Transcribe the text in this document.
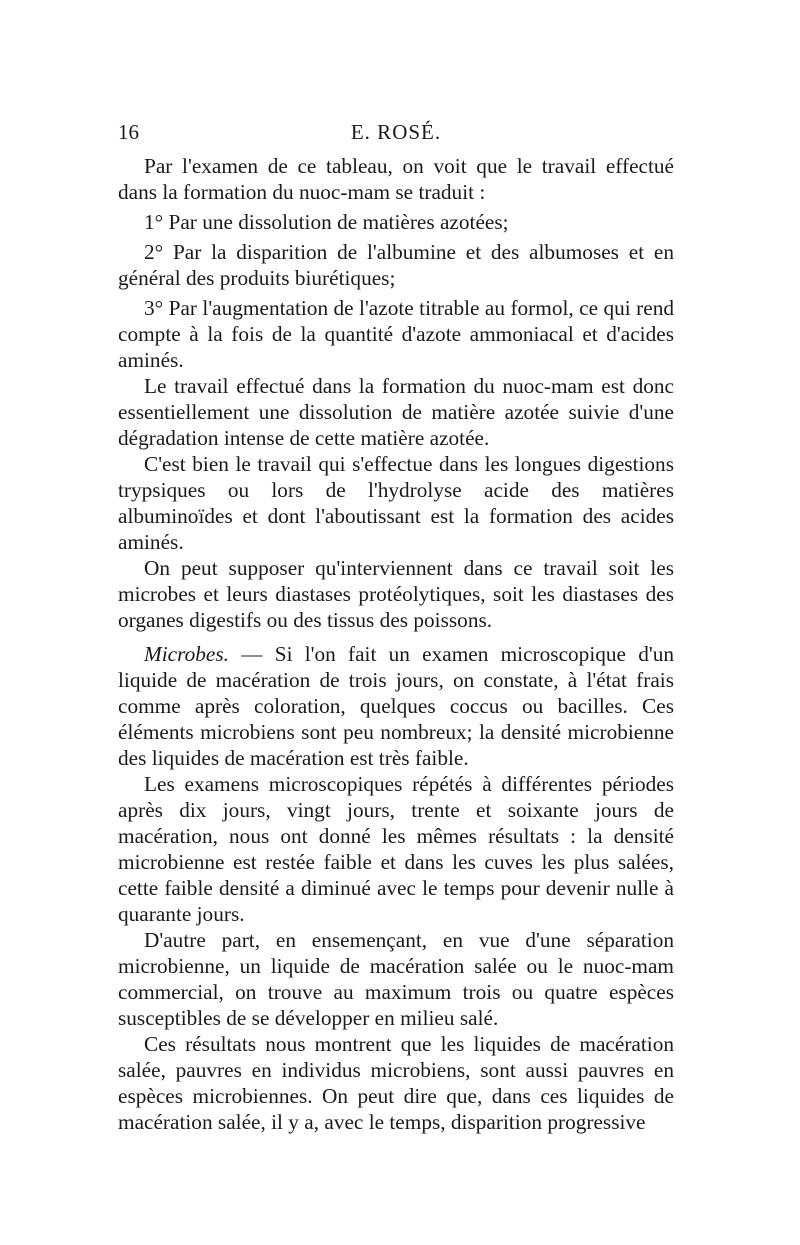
16	E. ROSÉ.

Par l'examen de ce tableau, on voit que le travail effectué dans la formation du nuoc-mam se traduit :

1° Par une dissolution de matières azotées;

2° Par la disparition de l'albumine et des albumoses et en général des produits biurétiques;

3° Par l'augmentation de l'azote titrable au formol, ce qui rend compte à la fois de la quantité d'azote ammoniacal et d'acides aminés.

Le travail effectué dans la formation du nuoc-mam est donc essentiellement une dissolution de matière azotée suivie d'une dégradation intense de cette matière azotée.

C'est bien le travail qui s'effectue dans les longues digestions trypsiques ou lors de l'hydrolyse acide des matières albuminoïdes et dont l'aboutissant est la formation des acides aminés.

On peut supposer qu'interviennent dans ce travail soit les microbes et leurs diastases protéolytiques, soit les diastases des organes digestifs ou des tissus des poissons.

Microbes. — Si l'on fait un examen microscopique d'un liquide de macération de trois jours, on constate, à l'état frais comme après coloration, quelques coccus ou bacilles. Ces éléments microbiens sont peu nombreux; la densité microbienne des liquides de macération est très faible.

Les examens microscopiques répétés à différentes périodes après dix jours, vingt jours, trente et soixante jours de macération, nous ont donné les mêmes résultats : la densité microbienne est restée faible et dans les cuves les plus salées, cette faible densité a diminué avec le temps pour devenir nulle à quarante jours.

D'autre part, en ensemençant, en vue d'une séparation microbienne, un liquide de macération salée ou le nuoc-mam commercial, on trouve au maximum trois ou quatre espèces susceptibles de se développer en milieu salé.

Ces résultats nous montrent que les liquides de macération salée, pauvres en individus microbiens, sont aussi pauvres en espèces microbiennes. On peut dire que, dans ces liquides de macération salée, il y a, avec le temps, disparition progressive
